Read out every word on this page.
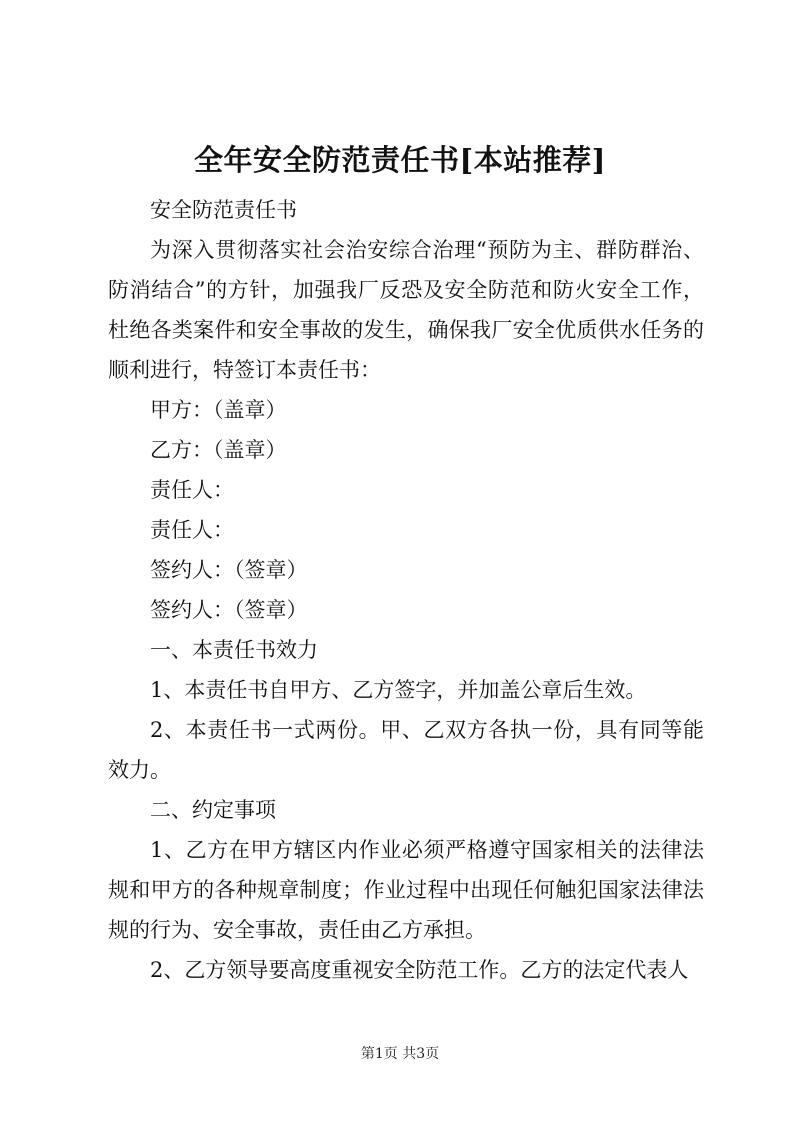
全年安全防范责任书[本站推荐]

安全防范责任书

为深入贯彻落实社会治安综合治理“预防为主、群防群治、防消结合”的方针，加强我厂反恐及安全防范和防火安全工作，杜绝各类案件和安全事故的发生，确保我厂安全优质供水任务的顺利进行，特签订本责任书：

甲方：（盖章）

乙方：（盖章）

责任人：

责任人：

签约人：（签章）

签约人：（签章）

一、本责任书效力

1、本责任书自甲方、乙方签字，并加盖公章后生效。

2、本责任书一式两份。甲、乙双方各执一份，具有同等能效力。

二、约定事项

1、乙方在甲方辖区内作业必须严格遵守国家相关的法律法规和甲方的各种规章制度；作业过程中出现任何触犯国家法律法规的行为、安全事故，责任由乙方承担。

2、乙方领导要高度重视安全防范工作。乙方的法定代表人

第1页 共3页
